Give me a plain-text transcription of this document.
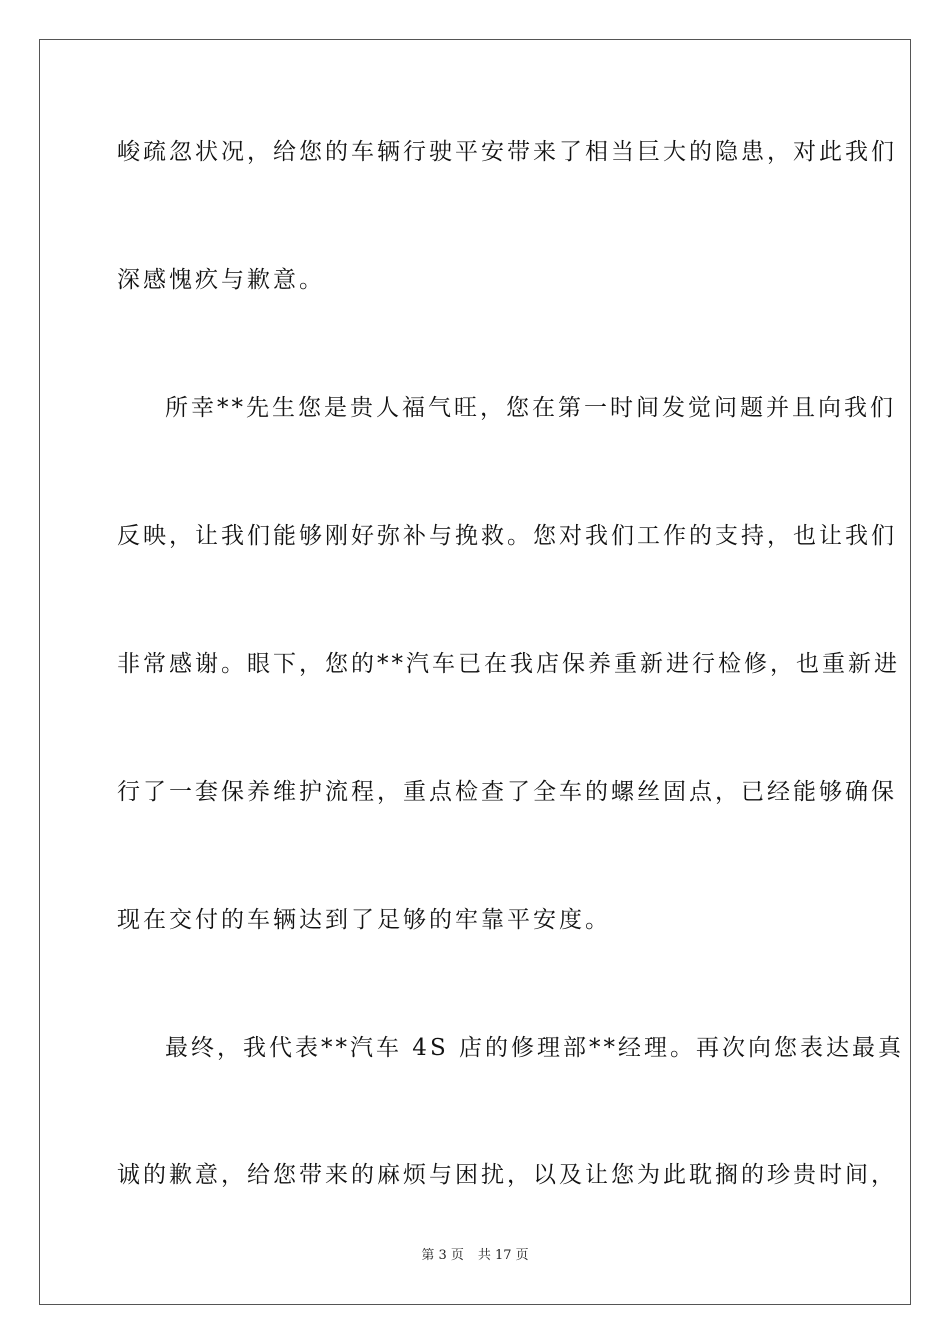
峻疏忽状况，给您的车辆行驶平安带来了相当巨大的隐患，对此我们
深感愧疚与歉意。
所幸**先生您是贵人福气旺，您在第一时间发觉问题并且向我们
反映，让我们能够刚好弥补与挽救。您对我们工作的支持，也让我们
非常感谢。眼下，您的**汽车已在我店保养重新进行检修，也重新进
行了一套保养维护流程，重点检查了全车的螺丝固点，已经能够确保
现在交付的车辆达到了足够的牢靠平安度。
最终，我代表**汽车 4S 店的修理部**经理。再次向您表达最真
诚的歉意，给您带来的麻烦与困扰，以及让您为此耽搁的珍贵时间，
第 3 页 共 17 页
